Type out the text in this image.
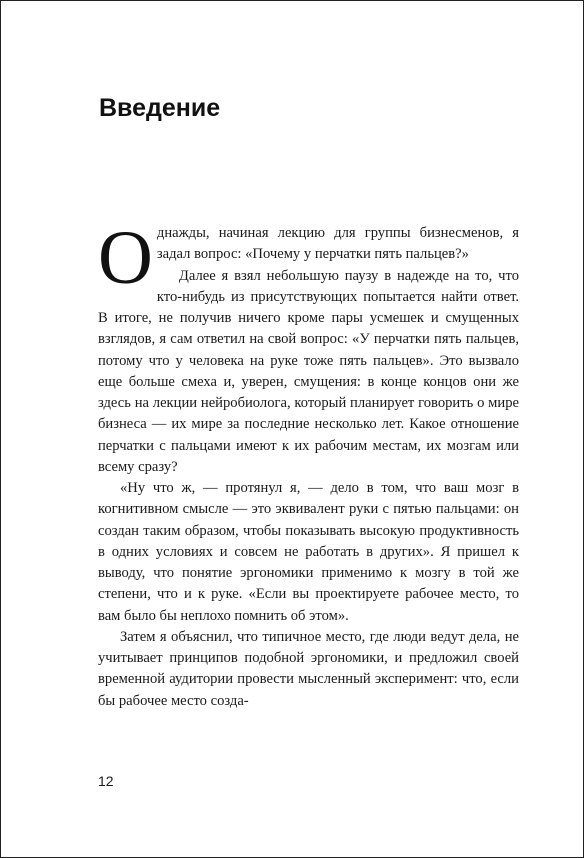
Введение

Однажды, начиная лекцию для группы бизнесменов, я задал вопрос: «Почему у перчатки пять пальцев?»

Далее я взял небольшую паузу в надежде на то, что кто-нибудь из присутствующих попытается найти ответ. В итоге, не получив ничего кроме пары усмешек и смущенных взглядов, я сам ответил на свой вопрос: «У перчатки пять пальцев, потому что у человека на руке тоже пять пальцев». Это вызвало еще больше смеха и, уверен, смущения: в конце концов они же здесь на лекции нейробиолога, который планирует говорить о мире бизнеса — их мире за последние несколько лет. Какое отношение перчатки с пальцами имеют к их рабочим местам, их мозгам или всему сразу?

«Ну что ж, — протянул я, — дело в том, что ваш мозг в когнитивном смысле — это эквивалент руки с пятью пальцами: он создан таким образом, чтобы показывать высокую продуктивность в одних условиях и совсем не работать в других». Я пришел к выводу, что понятие эргономики применимо к мозгу в той же степени, что и к руке. «Если вы проектируете рабочее место, то вам было бы неплохо помнить об этом».

Затем я объяснил, что типичное место, где люди ведут дела, не учитывает принципов подобной эргономики, и предложил своей временной аудитории провести мысленный эксперимент: что, если бы рабочее место созда-

12
